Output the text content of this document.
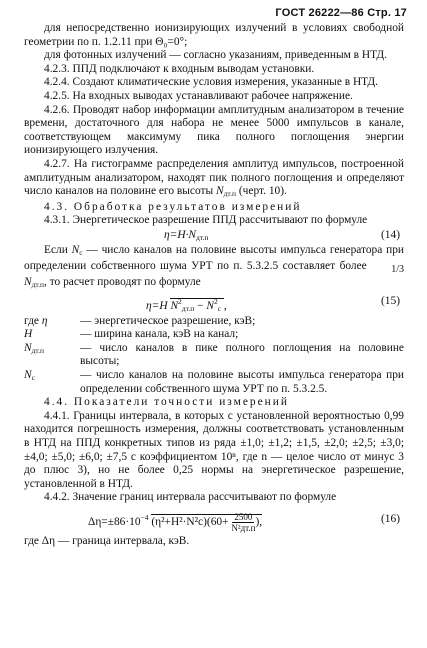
ГОСТ 26222—86 Стр. 17

для непосредственно ионизирующих излучений в условиях свободной геометрии по п. 1.2.11 при Θ₀=0°;

для фотонных излучений — согласно указаниям, приведенным в НТД.

4.2.3. ППД подключают к входным выводам установки.

4.2.4. Создают климатические условия измерения, указанные в НТД.

4.2.5. На входных выводах устанавливают рабочее напряжение.

4.2.6. Проводят набор информации амплитудным анализатором в течение времени, достаточного для набора не менее 5000 импульсов в канале, соответствующем максимуму пика полного поглощения энергии ионизирующего излучения.

4.2.7. На гистограмме распределения амплитуд импульсов, построенной амплитудным анализатором, находят пик полного поглощения и определяют число каналов на половине его высоты $N_{дт.п}$ (черт. 10).

4.3. Обработка результатов измерений

4.3.1. Энергетическое разрешение ППД рассчитывают по формуле

$\eta=H\cdot N_{дт.п}$	(14)

Если $N_с$ — число каналов на половине высоты импульса генератора при определении собственного шума УРТ по п. 5.3.2.5 составляет более 1/3 $N_{дт.п}$, то расчет проводят по формуле

η=H $N^2_{дт.п} - N^2_с$ ,	(15)
где η	— энергетическое разрешение, кэВ;
H	— ширина канала, кэВ на канал;
$N_{дт.п}$	— число каналов в пике полного поглощения на половине высоты;
$N_с$	— число каналов на половине высоты импульса генератора при определении собственного шума УРТ по п. 5.3.2.5.

4.4. Показатели точности измерений

4.4.1. Границы интервала, в которых с установленной вероятностью 0,99 находится погрешность измерения, должны соответствовать установленным в НТД на ППД конкретных типов из ряда ±1,0; ±1,2; ±1,5, ±2,0; ±2,5; ±3,0; ±4,0; ±5,0; ±6,0; ±7,5 с коэффициентом 10ⁿ, где n — целое число от минус 3 до плюс 3), но не более 0,25 нормы на энергетическое разрешение, установленной в НТД.

4.4.2. Значение границ интервала рассчитывают по формуле

$\Delta\eta=\pm 86\cdot 10^{-4}$ (η²+H²·N²c)(60+ 2500
N²дт.п ),	(16)

где Δη — граница интервала, кэВ.
